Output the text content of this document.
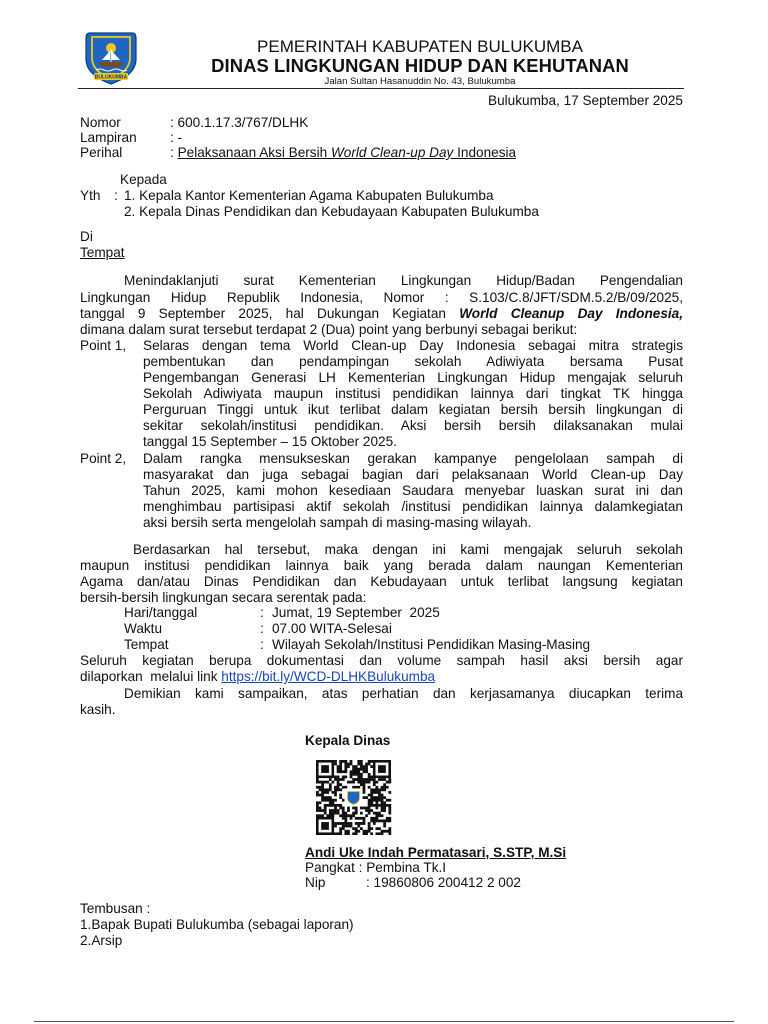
BULUKUMBA
PEMERINTAH KABUPATEN BULUKUMBA
DINAS LINGKUNGAN HIDUP DAN KEHUTANAN
Jalan Sultan Hasanuddin No. 43, Bulukumba
Bulukumba, 17 September 2025
Nomor	: 600.1.17.3/767/DLHK
Lampiran : -
Perihal	: Pelaksanaan Aksi Bersih World Clean-up Day Indonesia
Kepada
Yth : 1. Kepala Kantor Kementerian Agama Kabupaten Bulukumba
2. Kepala Dinas Pendidikan dan Kebudayaan Kabupaten Bulukumba
Di
Tempat
Menindaklanjuti surat Kementerian Lingkungan Hidup/Badan Pengendalian
Lingkungan Hidup Republik Indonesia, Nomor : S.103/C.8/JFT/SDM.5.2/B/09/2025,
tanggal 9 September 2025, hal Dukungan Kegiatan World Cleanup Day Indonesia,
dimana dalam surat tersebut terdapat 2 (Dua) point yang berbunyi sebagai berikut:
Point 1, Selaras dengan tema World Clean-up Day Indonesia sebagai mitra strategis
pembentukan dan pendampingan sekolah Adiwiyata bersama Pusat
Pengembangan Generasi LH Kementerian Lingkungan Hidup mengajak seluruh
Sekolah Adiwiyata maupun institusi pendidikan lainnya dari tingkat TK hingga
Perguruan Tinggi untuk ikut terlibat dalam kegiatan bersih bersih lingkungan di
sekitar sekolah/institusi pendidikan. Aksi bersih bersih dilaksanakan mulai
tanggal 15 September – 15 Oktober 2025.
Point 2, Dalam rangka mensukseskan gerakan kampanye pengelolaan sampah di
masyarakat dan juga sebagai bagian dari pelaksanaan World Clean-up Day
Tahun 2025, kami mohon kesediaan Saudara menyebar luaskan surat ini dan
menghimbau partisipasi aktif sekolah /institusi pendidikan lainnya dalamkegiatan
aksi bersih serta mengelolah sampah di masing-masing wilayah.
Berdasarkan hal tersebut, maka dengan ini kami mengajak seluruh sekolah
maupun institusi pendidikan lainnya baik yang berada dalam naungan Kementerian
Agama dan/atau Dinas Pendidikan dan Kebudayaan untuk terlibat langsung kegiatan
bersih-bersih lingkungan secara serentak pada:
Hari/tanggal	: Jumat, 19 September  2025
Waktu	: 07.00 WITA-Selesai
Tempat	: Wilayah Sekolah/Institusi Pendidikan Masing-Masing
Seluruh kegiatan berupa dokumentasi dan volume sampah hasil aksi bersih agar
dilaporkan  melalui link https://bit.ly/WCD-DLHKBulukumba
Demikian kami sampaikan, atas perhatian dan kerjasamanya diucapkan terima
kasih.
Kepala Dinas
Andi Uke Indah Permatasari, S.STP, M.Si
Pangkat : Pembina Tk.I
Nip	: 19860806 200412 2 002
Tembusan :
1.Bapak Bupati Bulukumba (sebagai laporan)
2.Arsip
